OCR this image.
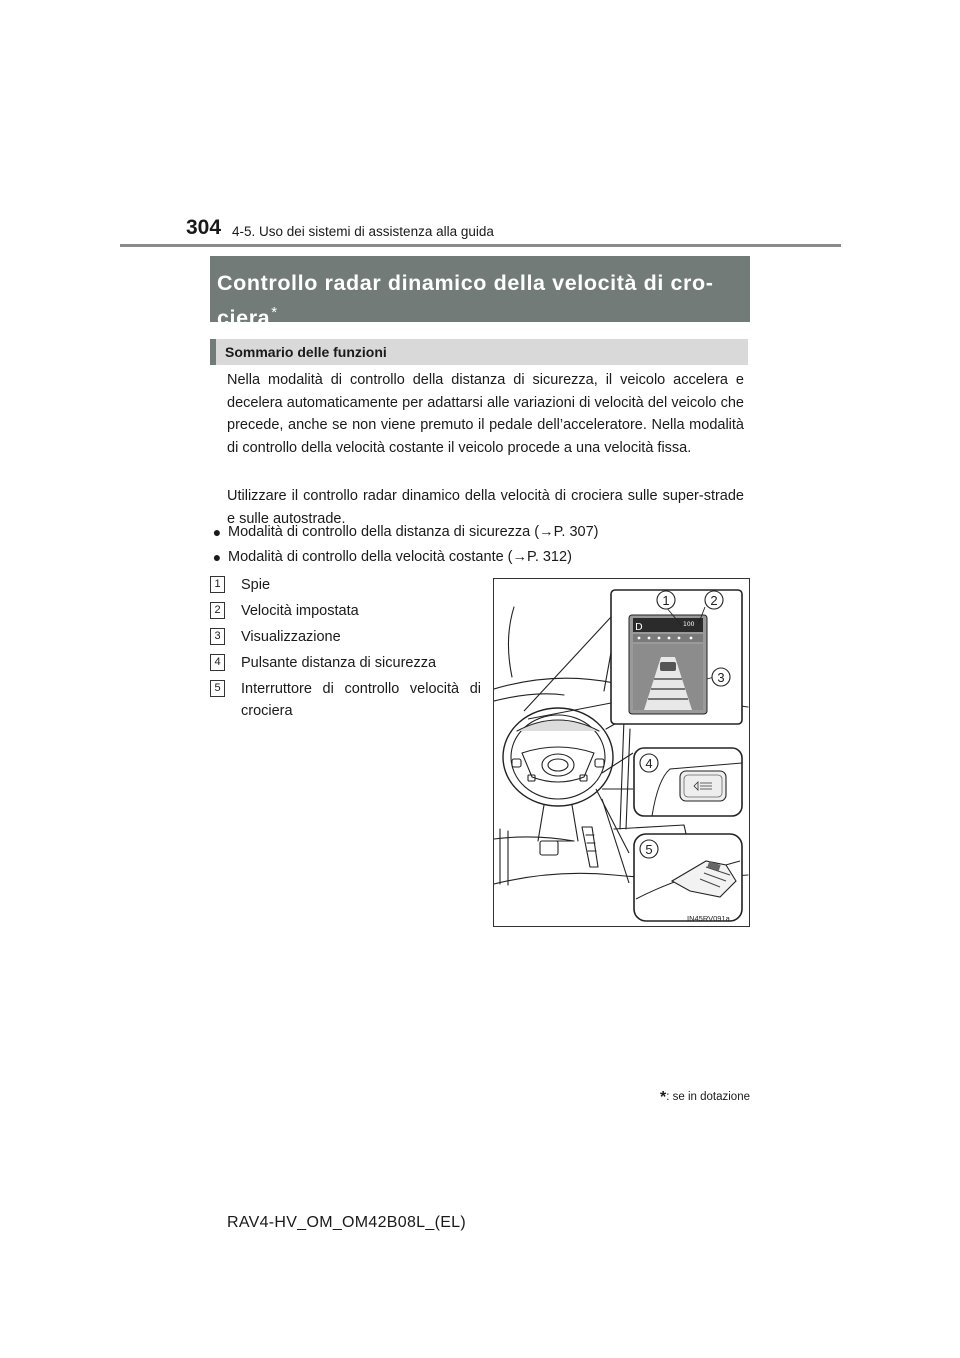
304 4-5. Uso dei sistemi di assistenza alla guida
Controllo radar dinamico della velocità di cro-
ciera*
Sommario delle funzioni

Nella modalità di controllo della distanza di sicurezza, il veicolo accelera e decelera automaticamente per adattarsi alle variazioni di velocità del veicolo che precede, anche se non viene premuto il pedale dell’acceleratore. Nella modalità di controllo della velocità costante il veicolo procede a una velocità fissa.

Utilizzare il controllo radar dinamico della velocità di crociera sulle super-strade e sulle autostrade.

● Modalità di controllo della distanza di sicurezza (→P. 307)
● Modalità di controllo della velocità costante (→P. 312)
1	Spie
2	Velocità impostata
3	Visualizzazione
4	Pulsante distanza di sicurezza
5	Interruttore di controllo velocità di crociera
D	100
IN45RV091a
1	2
3
4
5
*: se in dotazione
RAV4-HV_OM_OM42B08L_(EL)
